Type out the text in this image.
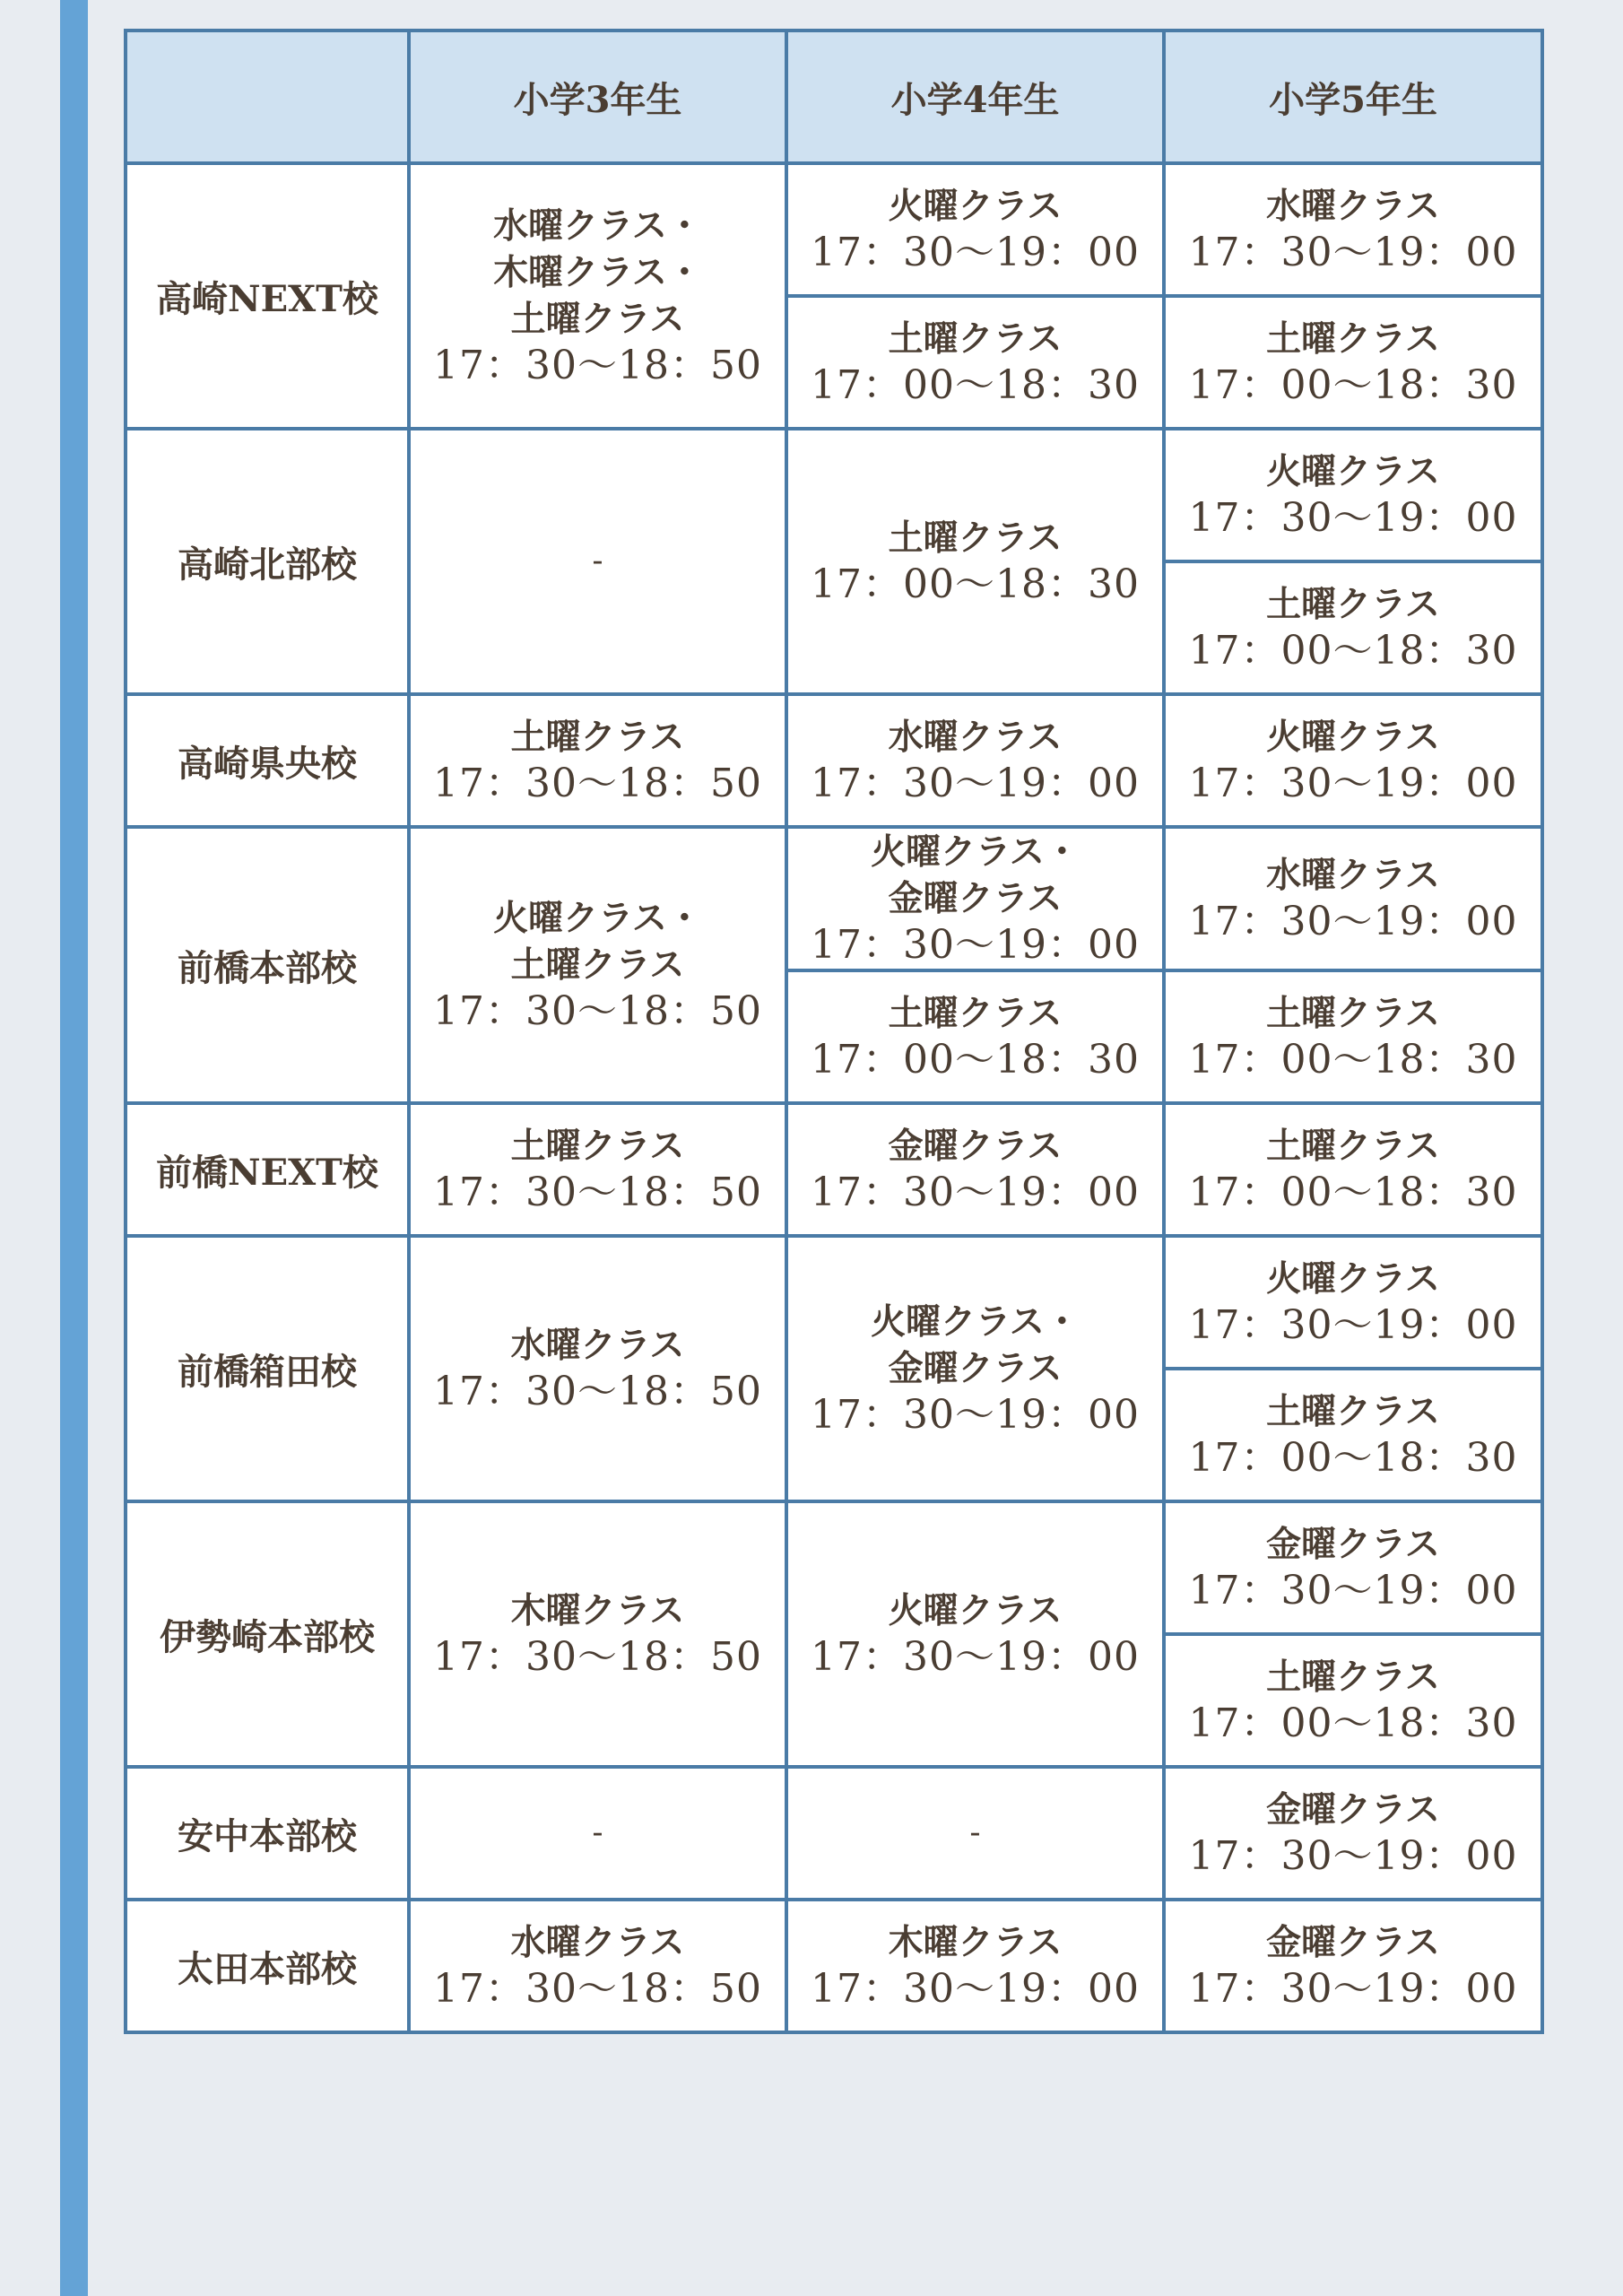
	小学3年生	小学4年生	小学5年生
高崎NEXT校	水曜クラス・
木曜クラス・
土曜クラス
17：30〜18：50	火曜クラス
17：30〜19：00	水曜クラス
17：30〜19：00

		土曜クラス
17：00〜18：30	土曜クラス
17：00〜18：30

高崎北部校	-	土曜クラス
17：00〜18：30	火曜クラス
17：30〜19：00

			土曜クラス
17：00〜18：30

高崎県央校	土曜クラス
17：30〜18：50	水曜クラス
17：30〜19：00	火曜クラス
17：30〜19：00

前橋本部校	火曜クラス・
土曜クラス
17：30〜18：50	火曜クラス・
金曜クラス
17：30〜19：00	水曜クラス
17：30〜19：00

		土曜クラス
17：00〜18：30	土曜クラス
17：00〜18：30

前橋NEXT校	土曜クラス
17：30〜18：50	金曜クラス
17：30〜19：00	土曜クラス
17：00〜18：30

前橋箱田校	水曜クラス
17：30〜18：50	火曜クラス・
金曜クラス
17：30〜19：00	火曜クラス
17：30〜19：00

			土曜クラス
17：00〜18：30

伊勢崎本部校	木曜クラス
17：30〜18：50	火曜クラス
17：30〜19：00	金曜クラス
17：30〜19：00

			土曜クラス
17：00〜18：30

安中本部校	-	-	金曜クラス
17：30〜19：00

太田本部校	水曜クラス
17：30〜18：50	木曜クラス
17：30〜19：00	金曜クラス
17：30〜19：00
